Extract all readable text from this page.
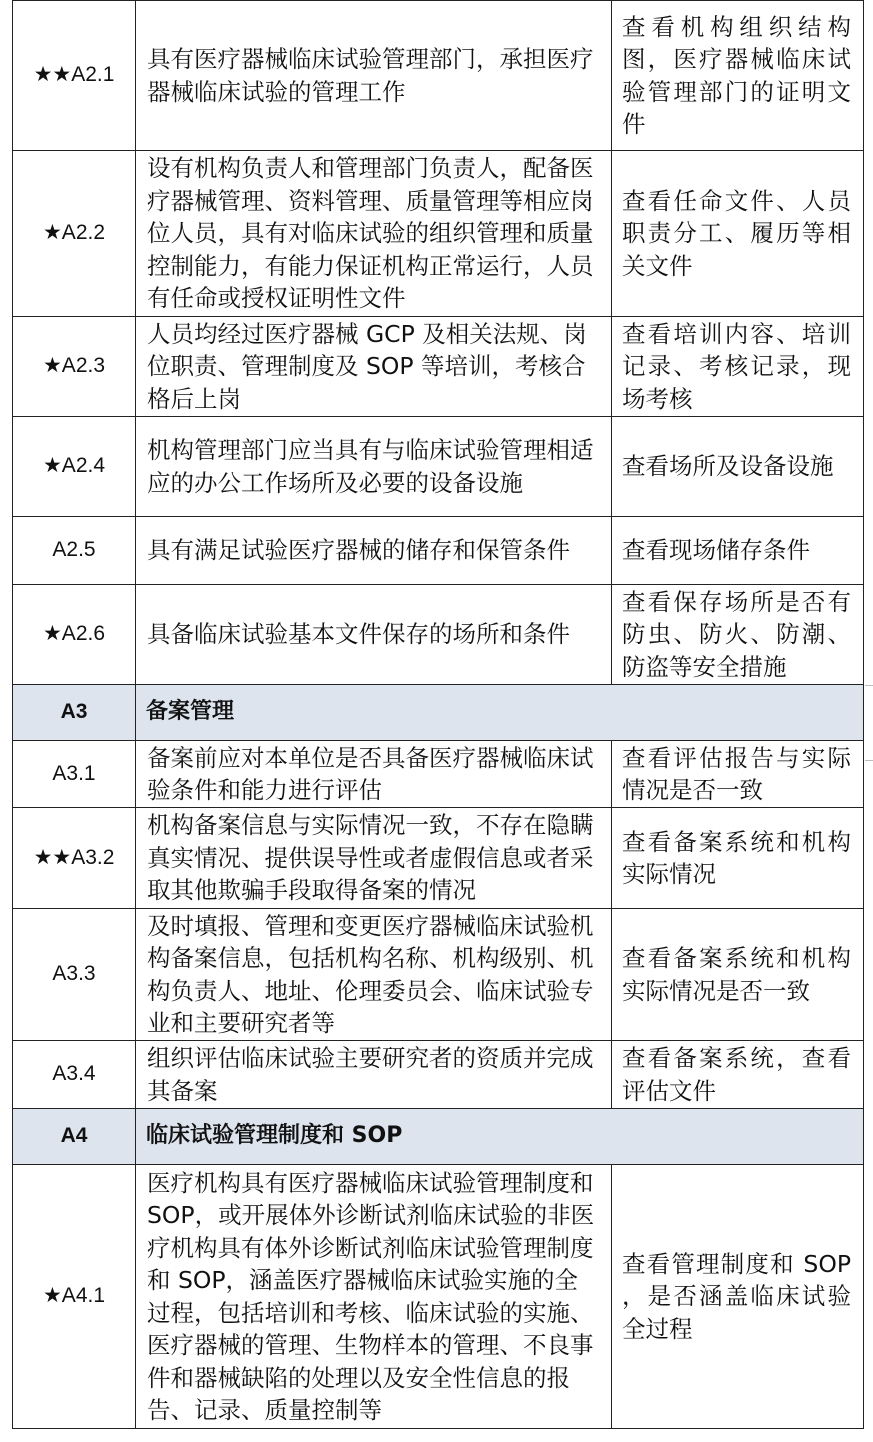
★★A2.1	具有医疗器械临床试验管理部门，承担医疗器械临床试验的管理工作	查看机构组织结构图，医疗器械临床试验管理部门的证明文件
★A2.2	设有机构负责人和管理部门负责人，配备医疗器械管理、资料管理、质量管理等相应岗位人员，具有对临床试验的组织管理和质量控制能力，有能力保证机构正常运行，人员有任命或授权证明性文件	查看任命文件、人员职责分工、履历等相关文件
★A2.3	人员均经过医疗器械 GCP 及相关法规、岗位职责、管理制度及 SOP 等培训，考核合格后上岗	查看培训内容、培训记录、考核记录，现场考核
★A2.4	机构管理部门应当具有与临床试验管理相适应的办公工作场所及必要的设备设施	查看场所及设备设施
A2.5	具有满足试验医疗器械的储存和保管条件	查看现场储存条件
★A2.6	具备临床试验基本文件保存的场所和条件	查看保存场所是否有防虫、防火、防潮、防盗等安全措施
A3	备案管理	
A3.1	备案前应对本单位是否具备医疗器械临床试验条件和能力进行评估	查看评估报告与实际情况是否一致
★★A3.2	机构备案信息与实际情况一致，不存在隐瞒真实情况、提供误导性或者虚假信息或者采取其他欺骗手段取得备案的情况	查看备案系统和机构实际情况
A3.3	及时填报、管理和变更医疗器械临床试验机构备案信息，包括机构名称、机构级别、机构负责人、地址、伦理委员会、临床试验专业和主要研究者等	查看备案系统和机构实际情况是否一致
A3.4	组织评估临床试验主要研究者的资质并完成其备案	查看备案系统，查看评估文件
A4	临床试验管理制度和 SOP	
★A4.1	医疗机构具有医疗器械临床试验管理制度和 SOP，或开展体外诊断试剂临床试验的非医疗机构具有体外诊断试剂临床试验管理制度和 SOP，涵盖医疗器械临床试验实施的全过程，包括培训和考核、临床试验的实施、医疗器械的管理、生物样本的管理、不良事件和器械缺陷的处理以及安全性信息的报告、记录、质量控制等	查看管理制度和 SOP ，是否涵盖临床试验全过程
